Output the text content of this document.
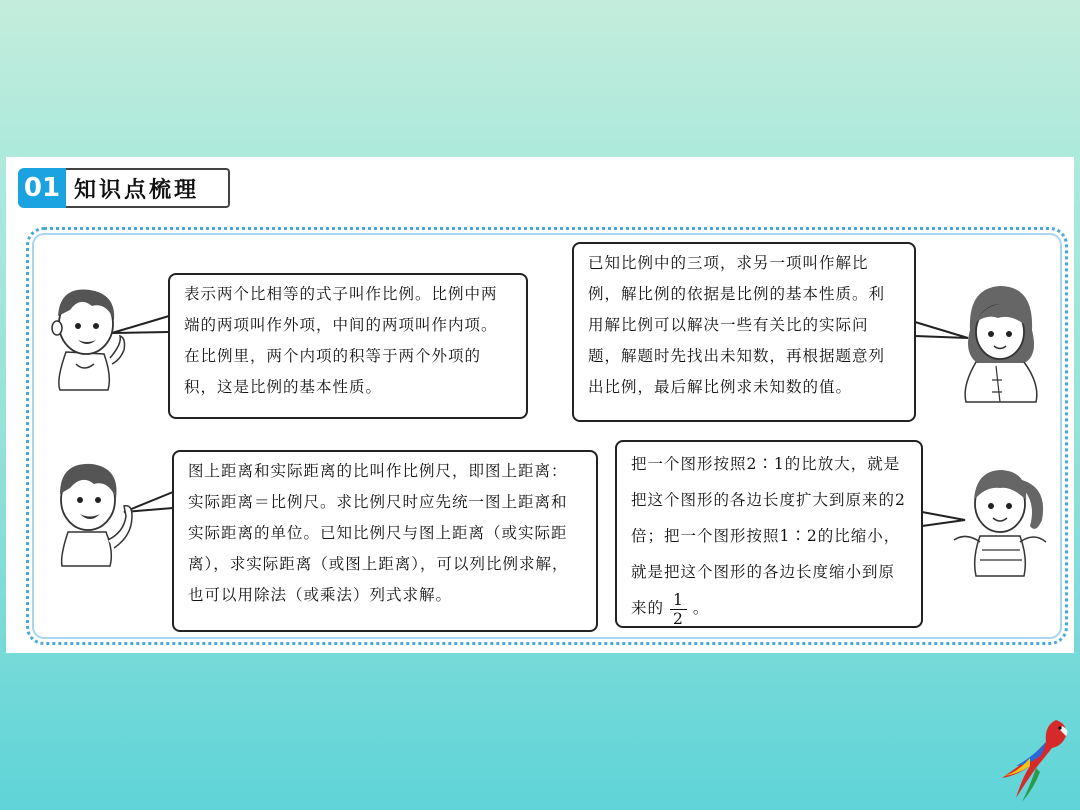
01 知识点梳理
表示两个比相等的式子叫作比例。比例中两端的两项叫作外项，中间的两项叫作内项。在比例里，两个内项的积等于两个外项的积，这是比例的基本性质。
已知比例中的三项，求另一项叫作解比例，解比例的依据是比例的基本性质。利用解比例可以解决一些有关比的实际问题，解题时先找出未知数，再根据题意列出比例，最后解比例求未知数的值。
图上距离和实际距离的比叫作比例尺，即图上距离：实际距离＝比例尺。求比例尺时应先统一图上距离和实际距离的单位。已知比例尺与图上距离（或实际距离），求实际距离（或图上距离），可以列比例求解，也可以用除法（或乘法）列式求解。
把一个图形按照2∶1的比放大，就是把这个图形的各边长度扩大到原来的2倍；把一个图形按照1∶2的比缩小，就是把这个图形的各边长度缩小到原来的 $\frac{1}{2}$ 。
